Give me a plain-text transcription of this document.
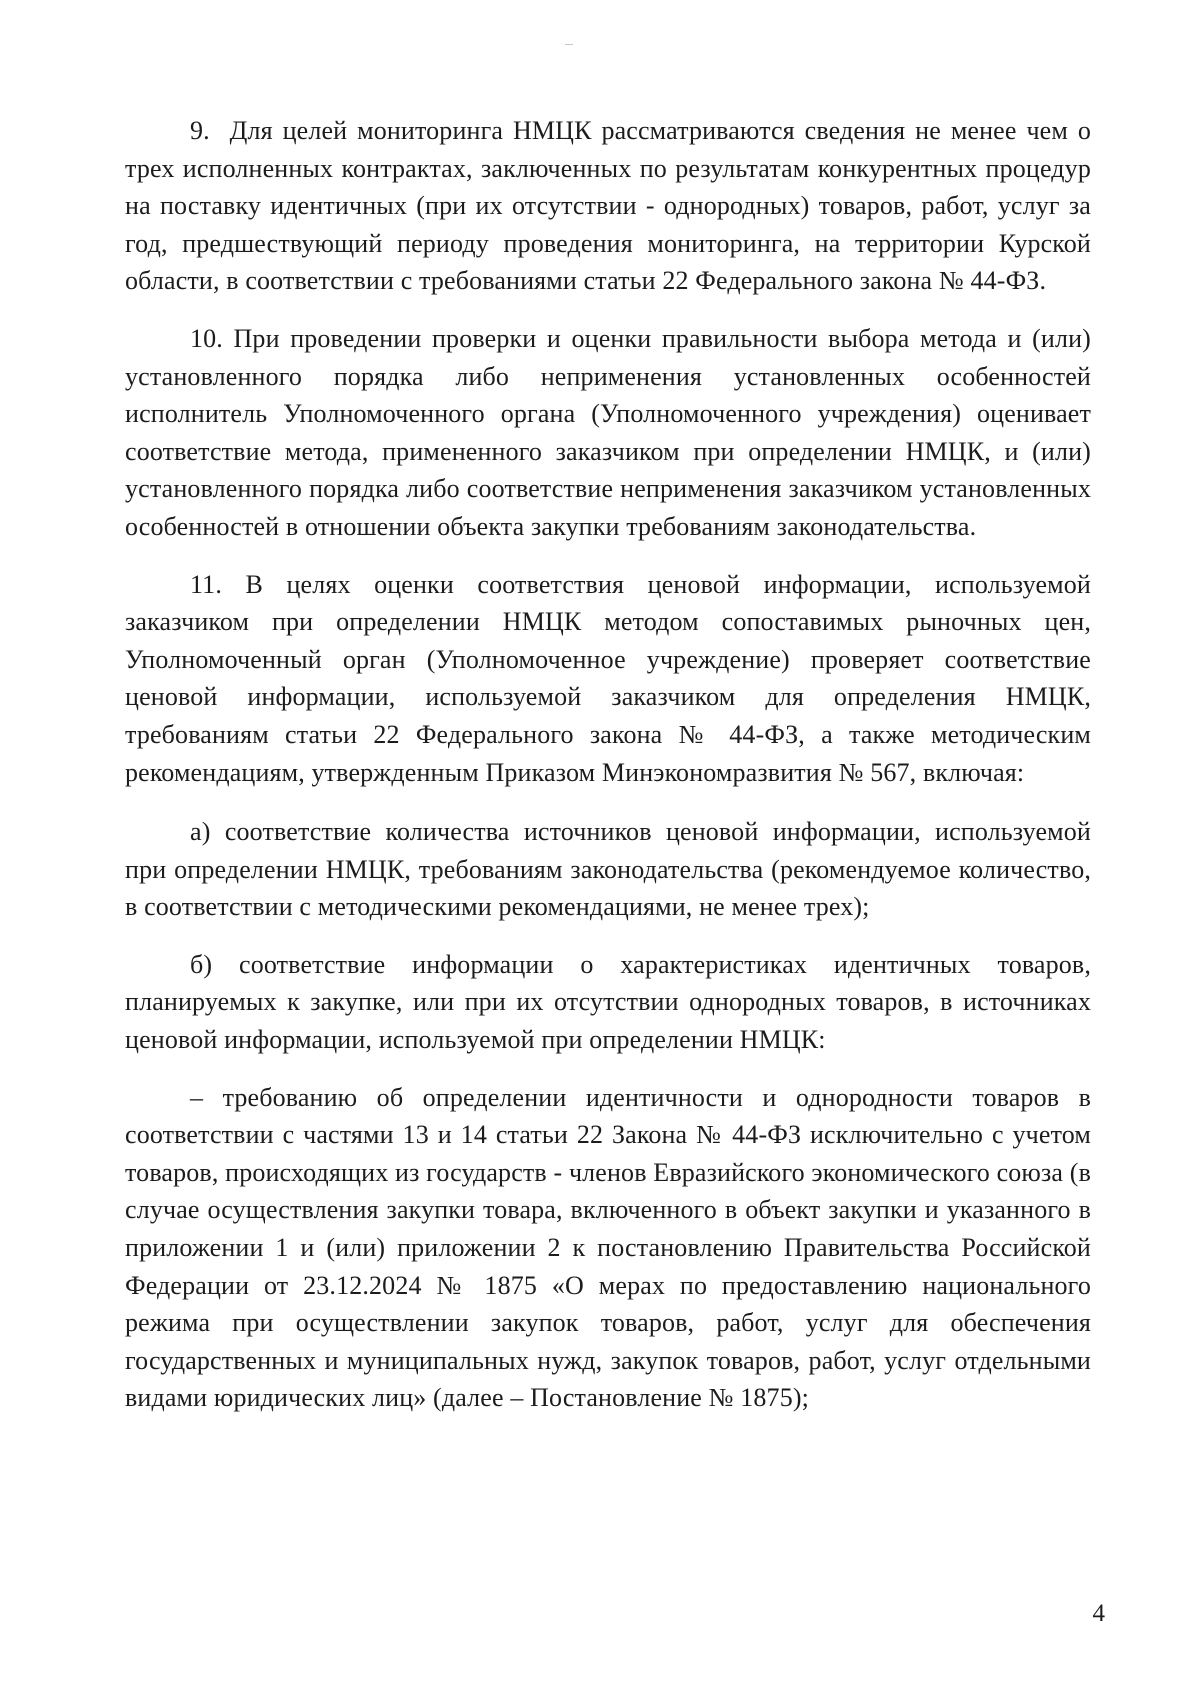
9.  Для целей мониторинга НМЦК рассматриваются сведения не менее чем о трех исполненных контрактах, заключенных по результатам конкурентных процедур на поставку идентичных (при их отсутствии - однородных) товаров, работ, услуг за год, предшествующий периоду проведения мониторинга, на территории Курской области, в соответствии с требованиями статьи 22 Федерального закона № 44-ФЗ.

10. При проведении проверки и оценки правильности выбора метода и (или) установленного порядка либо неприменения установленных особенностей исполнитель Уполномоченного органа (Уполномоченного учреждения) оценивает соответствие метода, примененного заказчиком при определении НМЦК, и (или) установленного порядка либо соответствие неприменения заказчиком установленных особенностей в отношении объекта закупки требованиям законодательства.

11. В целях оценки соответствия ценовой информации, используемой заказчиком при определении НМЦК методом сопоставимых рыночных цен, Уполномоченный орган (Уполномоченное учреждение) проверяет соответствие ценовой информации, используемой заказчиком для определения НМЦК, требованиям статьи 22 Федерального закона № 44-ФЗ, а также методическим рекомендациям, утвержденным Приказом Минэкономразвития № 567, включая:

а) соответствие количества источников ценовой информации, используемой при определении НМЦК, требованиям законодательства (рекомендуемое количество, в соответствии с методическими рекомендациями, не менее трех);

б) соответствие информации о характеристиках идентичных товаров, планируемых к закупке, или при их отсутствии однородных товаров, в источниках ценовой информации, используемой при определении НМЦК:

– требованию об определении идентичности и однородности товаров в соответствии с частями 13 и 14 статьи 22 Закона № 44-ФЗ исключительно с учетом товаров, происходящих из государств - членов Евразийского экономического союза (в случае осуществления закупки товара, включенного в объект закупки и указанного в приложении 1 и (или) приложении 2 к постановлению Правительства Российской Федерации от 23.12.2024 № 1875 «О мерах по предоставлению национального режима при осуществлении закупок товаров, работ, услуг для обеспечения государственных и муниципальных нужд, закупок товаров, работ, услуг отдельными видами юридических лиц» (далее – Постановление № 1875);

4
